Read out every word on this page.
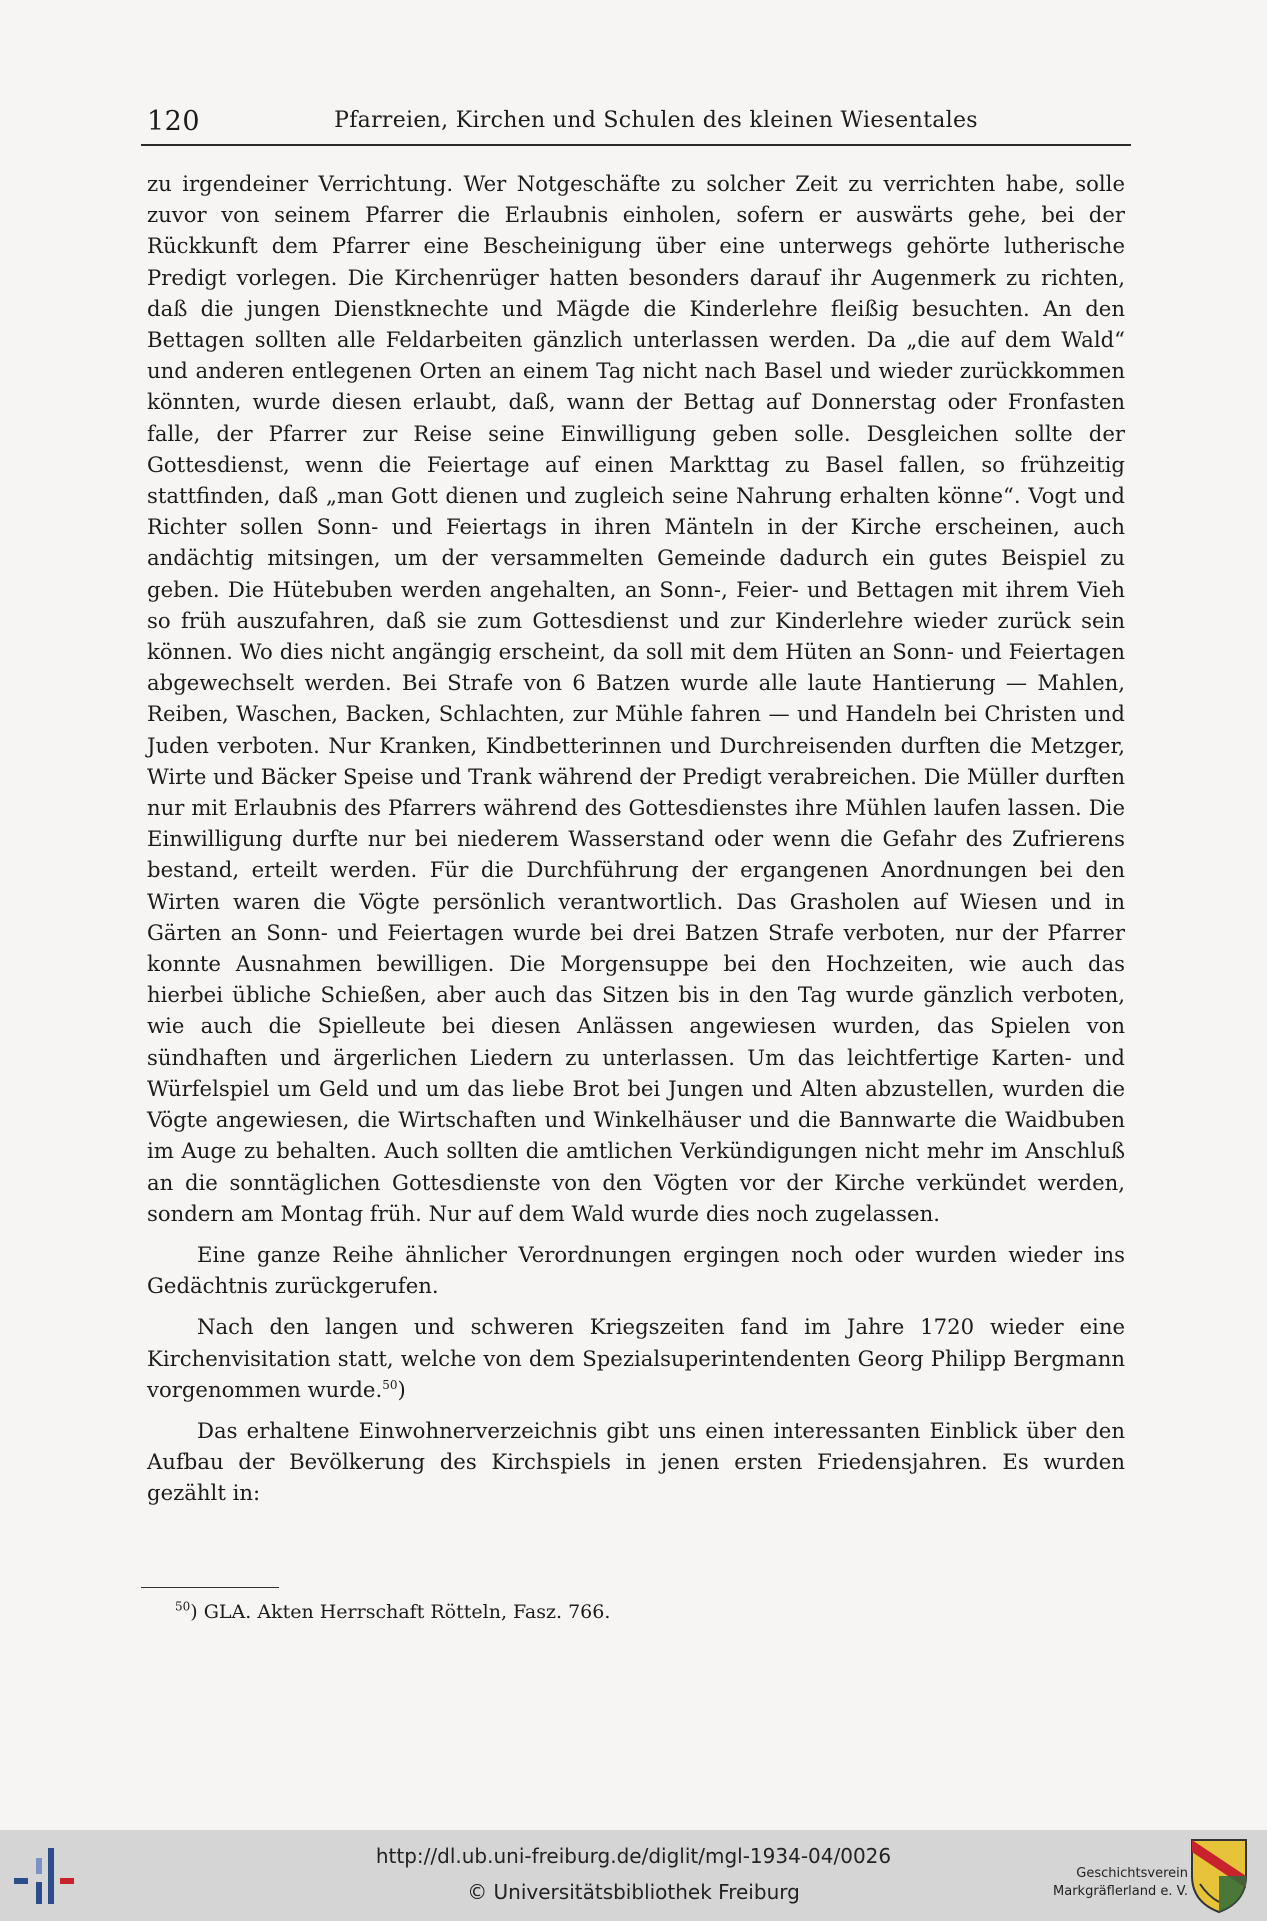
120	Pfarreien, Kirchen und Schulen des kleinen Wiesentales

zu irgendeiner Verrichtung. Wer Notgeschäfte zu solcher Zeit zu verrichten habe, solle zuvor von seinem Pfarrer die Erlaubnis einholen, sofern er auswärts gehe, bei der Rückkunft dem Pfarrer eine Bescheinigung über eine unterwegs gehörte lutherische Predigt vorlegen. Die Kirchenrüger hatten besonders darauf ihr Augenmerk zu richten, daß die jungen Dienstknechte und Mägde die Kinderlehre fleißig besuchten. An den Bettagen sollten alle Feldarbeiten gänzlich unterlassen werden. Da „die auf dem Wald“ und anderen entlegenen Orten an einem Tag nicht nach Basel und wieder zurückkommen könnten, wurde diesen erlaubt, daß, wann der Bettag auf Donnerstag oder Fronfasten falle, der Pfarrer zur Reise seine Einwilligung geben solle. Desgleichen sollte der Gottesdienst, wenn die Feiertage auf einen Markttag zu Basel fallen, so frühzeitig stattfinden, daß „man Gott dienen und zugleich seine Nahrung erhalten könne“. Vogt und Richter sollen Sonn- und Feiertags in ihren Mänteln in der Kirche erscheinen, auch andächtig mitsingen, um der versammelten Gemeinde dadurch ein gutes Beispiel zu geben. Die Hütebuben werden angehalten, an Sonn-, Feier- und Bettagen mit ihrem Vieh so früh auszufahren, daß sie zum Gottesdienst und zur Kinderlehre wieder zurück sein können. Wo dies nicht angängig erscheint, da soll mit dem Hüten an Sonn- und Feiertagen abgewechselt werden. Bei Strafe von 6 Batzen wurde alle laute Hantierung — Mahlen, Reiben, Waschen, Backen, Schlachten, zur Mühle fahren — und Handeln bei Christen und Juden verboten. Nur Kranken, Kindbetterinnen und Durchreisenden durften die Metzger, Wirte und Bäcker Speise und Trank während der Predigt verabreichen. Die Müller durften nur mit Erlaubnis des Pfarrers während des Gottesdienstes ihre Mühlen laufen lassen. Die Einwilligung durfte nur bei niederem Wasserstand oder wenn die Gefahr des Zufrierens bestand, erteilt werden. Für die Durchführung der ergangenen Anordnungen bei den Wirten waren die Vögte persönlich verantwortlich. Das Grasholen auf Wiesen und in Gärten an Sonn- und Feiertagen wurde bei drei Batzen Strafe verboten, nur der Pfarrer konnte Ausnahmen bewilligen. Die Morgensuppe bei den Hochzeiten, wie auch das hierbei übliche Schießen, aber auch das Sitzen bis in den Tag wurde gänzlich verboten, wie auch die Spielleute bei diesen Anlässen angewiesen wurden, das Spielen von sündhaften und ärgerlichen Liedern zu unterlassen. Um das leichtfertige Karten- und Würfelspiel um Geld und um das liebe Brot bei Jungen und Alten abzustellen, wurden die Vögte angewiesen, die Wirtschaften und Winkelhäuser und die Bannwarte die Waidbuben im Auge zu behalten. Auch sollten die amtlichen Verkündigungen nicht mehr im Anschluß an die sonntäglichen Gottesdienste von den Vögten vor der Kirche verkündet werden, sondern am Montag früh. Nur auf dem Wald wurde dies noch zugelassen.

Eine ganze Reihe ähnlicher Verordnungen ergingen noch oder wurden wieder ins Gedächtnis zurückgerufen.

Nach den langen und schweren Kriegszeiten fand im Jahre 1720 wieder eine Kirchenvisitation statt, welche von dem Spezialsuperintendenten Georg Philipp Bergmann vorgenommen wurde.$^{50}$)

Das erhaltene Einwohnerverzeichnis gibt uns einen interessanten Einblick über den Aufbau der Bevölkerung des Kirchspiels in jenen ersten Friedensjahren. Es wurden gezählt in:

$^{50}$) GLA. Akten Herrschaft Rötteln, Fasz. 766.
http://dl.ub.uni-freiburg.de/diglit/mgl-1934-04/0026
© Universitätsbibliothek Freiburg
Geschichtsverein
Markgräflerland e. V.
